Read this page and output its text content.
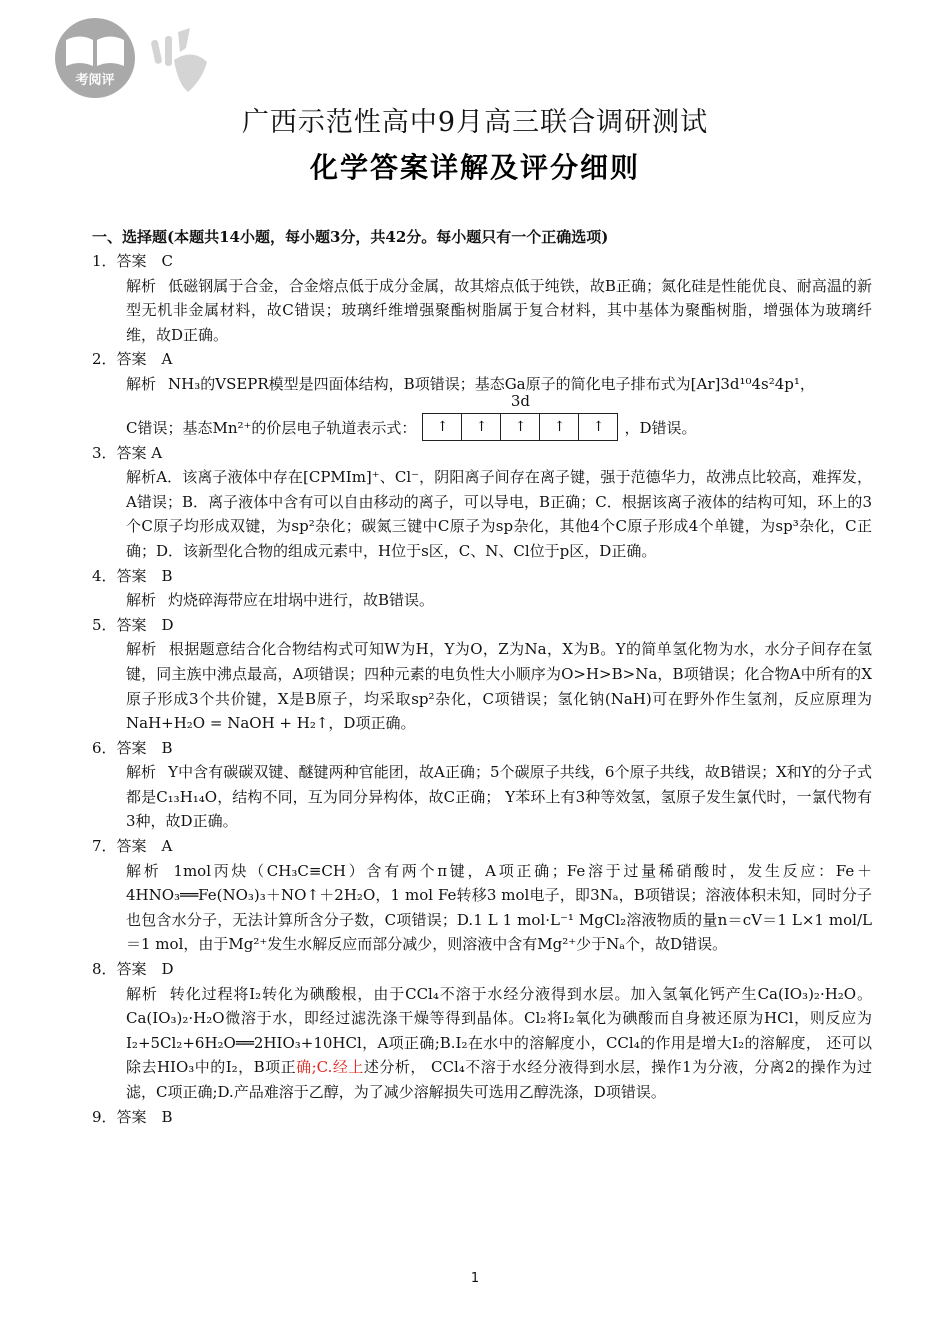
考阅评
广西示范性高中9月高三联合调研测试
化学答案详解及评分细则
一、选择题(本题共14小题，每小题3分，共42分。每小题只有一个正确选项)

1．答案　C

解析 低磁钢属于合金，合金熔点低于成分金属，故其熔点低于纯铁，故B正确；氮化硅是性能优良、耐高温的新型无机非金属材料，故C错误；玻璃纤维增强聚酯树脂属于复合材料，其中基体为聚酯树脂，增强体为玻璃纤维，故D正确。

2．答案　A

解析 NH₃的VSEPR模型是四面体结构，B项错误；基态Ga原子的简化电子排布式为[Ar]3d¹⁰4s²4p¹，

C错误；基态Mn²⁺的价层电子轨道表示式：
3d
↑	↑	↑	↑	↑	，D错误。

3．答案 A

解析A．该离子液体中存在[CPMIm]⁺、Cl⁻，阴阳离子间存在离子键，强于范德华力，故沸点比较高，难挥发，A错误；B．离子液体中含有可以自由移动的离子，可以导电，B正确；C．根据该离子液体的结构可知，环上的3个C原子均形成双键，为sp²杂化；碳氮三键中C原子为sp杂化，其他4个C原子形成4个单键，为sp³杂化，C正确；D．该新型化合物的组成元素中，H位于s区，C、N、Cl位于p区，D正确。

4．答案　B

解析 灼烧碎海带应在坩埚中进行，故B错误。

5．答案　D

解析 根据题意结合化合物结构式可知W为H，Y为O，Z为Na，X为B。Y的简单氢化物为水，水分子间存在氢键，同主族中沸点最高，A项错误；四种元素的电负性大小顺序为O>H>B>Na，B项错误；化合物A中所有的X原子形成3个共价键，X是B原子，均采取sp²杂化，C项错误；氢化钠(NaH)可在野外作生氢剂，反应原理为NaH+H₂O = NaOH + H₂↑，D项正确。

6．答案　B

解析 Y中含有碳碳双键、醚键两种官能团，故A正确；5个碳原子共线，6个原子共线，故B错误；X和Y的分子式都是C₁₃H₁₄O，结构不同，互为同分异构体，故C正确； Y苯环上有3种等效氢，氢原子发生氯代时，一氯代物有3种，故D正确。

7．答案　A

解析 1mol丙炔（CH₃C≡CH）含有两个π键，A项正确；Fe溶于过量稀硝酸时，发生反应：Fe＋4HNO₃══Fe(NO₃)₃＋NO↑＋2H₂O，1 mol Fe转移3 mol电子，即3Nₐ，B项错误；溶液体积未知，同时分子也包含水分子，无法计算所含分子数，C项错误；D.1 L 1 mol·L⁻¹ MgCl₂溶液物质的量n＝cV＝1 L×1 mol/L＝1 mol，由于Mg²⁺发生水解反应而部分减少，则溶液中含有Mg²⁺少于Nₐ个，故D错误。

8．答案　D

解析 转化过程将I₂转化为碘酸根，由于CCl₄不溶于水经分液得到水层。加入氢氧化钙产生Ca(IO₃)₂·H₂O。Ca(IO₃)₂·H₂O微溶于水，即经过滤洗涤干燥等得到晶体。Cl₂将I₂氧化为碘酸而自身被还原为HCl，则反应为I₂+5Cl₂+6H₂O══2HIO₃+10HCl，A项正确;B.I₂在水中的溶解度小，CCl₄的作用是增大I₂的溶解度， 还可以除去HIO₃中的I₂，B项正确;C.经上述分析， CCl₄不溶于水经分液得到水层，操作1为分液，分离2的操作为过滤，C项正确;D.产品难溶于乙醇，为了减少溶解损失可选用乙醇洗涤，D项错误。

9．答案　B

1
